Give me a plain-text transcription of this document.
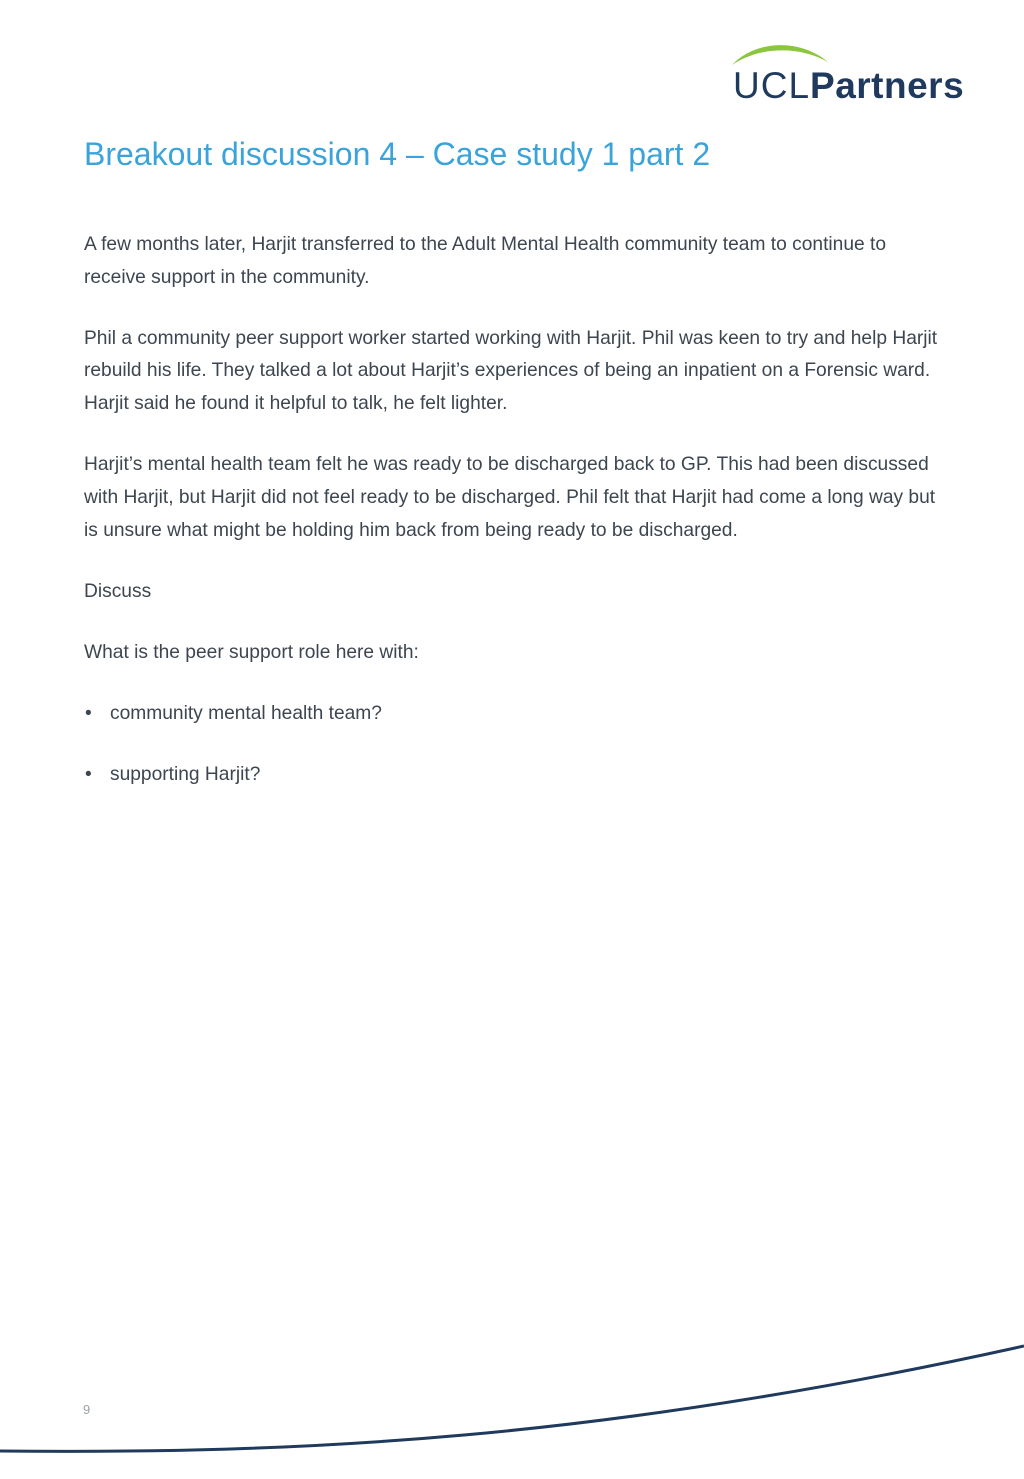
UCLPartners
Breakout discussion 4 – Case study 1 part 2

A few months later, Harjit transferred to the Adult Mental Health community team to continue to receive support in the community.

Phil a community peer support worker started working with Harjit. Phil was keen to try and help Harjit rebuild his life. They talked a lot about Harjit’s experiences of being an inpatient on a Forensic ward. Harjit said he found it helpful to talk, he felt lighter.

Harjit’s mental health team felt he was ready to be discharged back to GP. This had been discussed with Harjit, but Harjit did not feel ready to be discharged. Phil felt that Harjit had come a long way but is unsure what might be holding him back from being ready to be discharged.

Discuss

What is the peer support role here with:

• community mental health team?
• supporting Harjit?
9
